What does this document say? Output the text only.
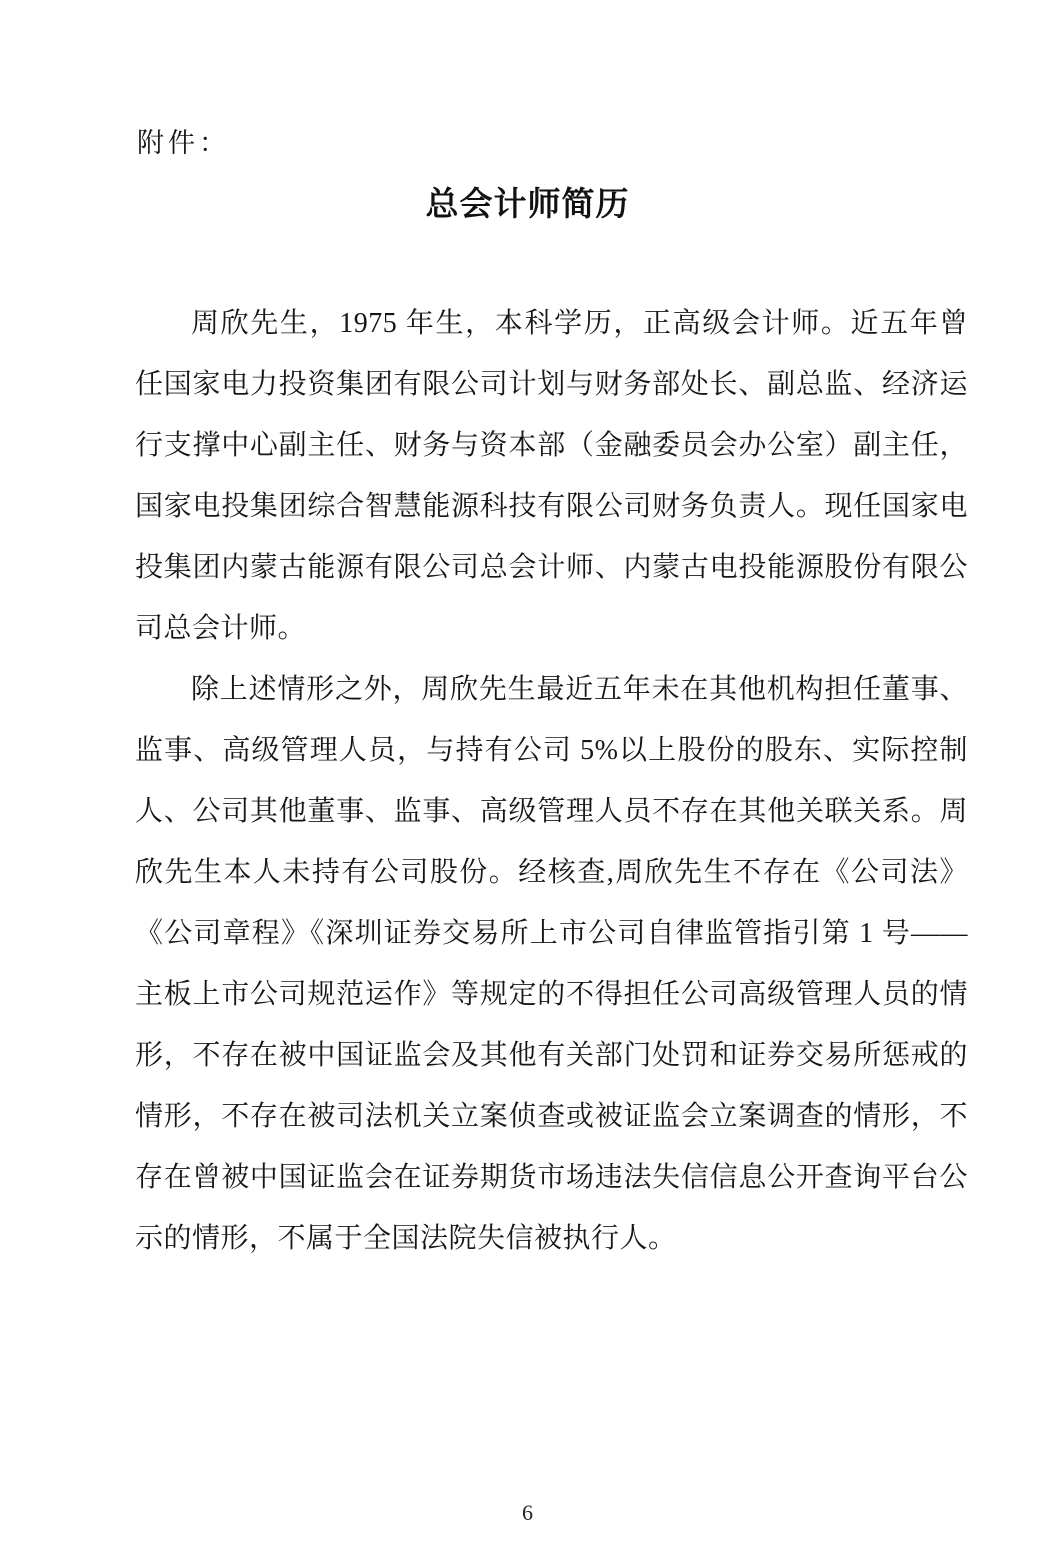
附件：
总会计师简历

周欣先生，1975 年生，本科学历，正高级会计师。近五年曾任国家电力投资集团有限公司计划与财务部处长、副总监、经济运行支撑中心副主任、财务与资本部（金融委员会办公室）副主任，国家电投集团综合智慧能源科技有限公司财务负责人。现任国家电投集团内蒙古能源有限公司总会计师、内蒙古电投能源股份有限公司总会计师。

除上述情形之外，周欣先生最近五年未在其他机构担任董事、监事、高级管理人员，与持有公司 5%以上股份的股东、实际控制人、公司其他董事、监事、高级管理人员不存在其他关联关系。周欣先生本人未持有公司股份。经核查,周欣先生不存在《公司法》《公司章程》《深圳证券交易所上市公司自律监管指引第 1 号——主板上市公司规范运作》等规定的不得担任公司高级管理人员的情形，不存在被中国证监会及其他有关部门处罚和证券交易所惩戒的情形，不存在被司法机关立案侦查或被证监会立案调查的情形，不存在曾被中国证监会在证券期货市场违法失信信息公开查询平台公示的情形，不属于全国法院失信被执行人。

6
